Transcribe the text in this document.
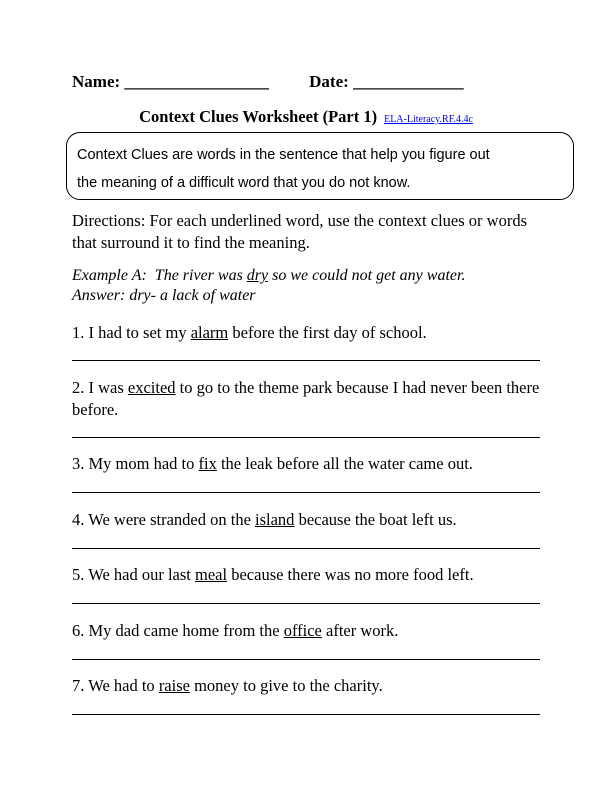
Name: _________________ Date: _____________
Context Clues Worksheet (Part 1) ELA-Literacy.RF.4.4c
Context Clues are words in the sentence that help you figure out
the meaning of a difficult word that you do not know.
Directions: For each underlined word, use the context clues or words that surround it to find the meaning.
Example A: The river was dry so we could not get any water.
Answer: dry- a lack of water
1. I had to set my alarm before the first day of school.
2. I was excited to go to the theme park because I had never been there before.
3. My mom had to fix the leak before all the water came out.
4. We were stranded on the island because the boat left us.
5. We had our last meal because there was no more food left.
6. My dad came home from the office after work.
7. We had to raise money to give to the charity.
